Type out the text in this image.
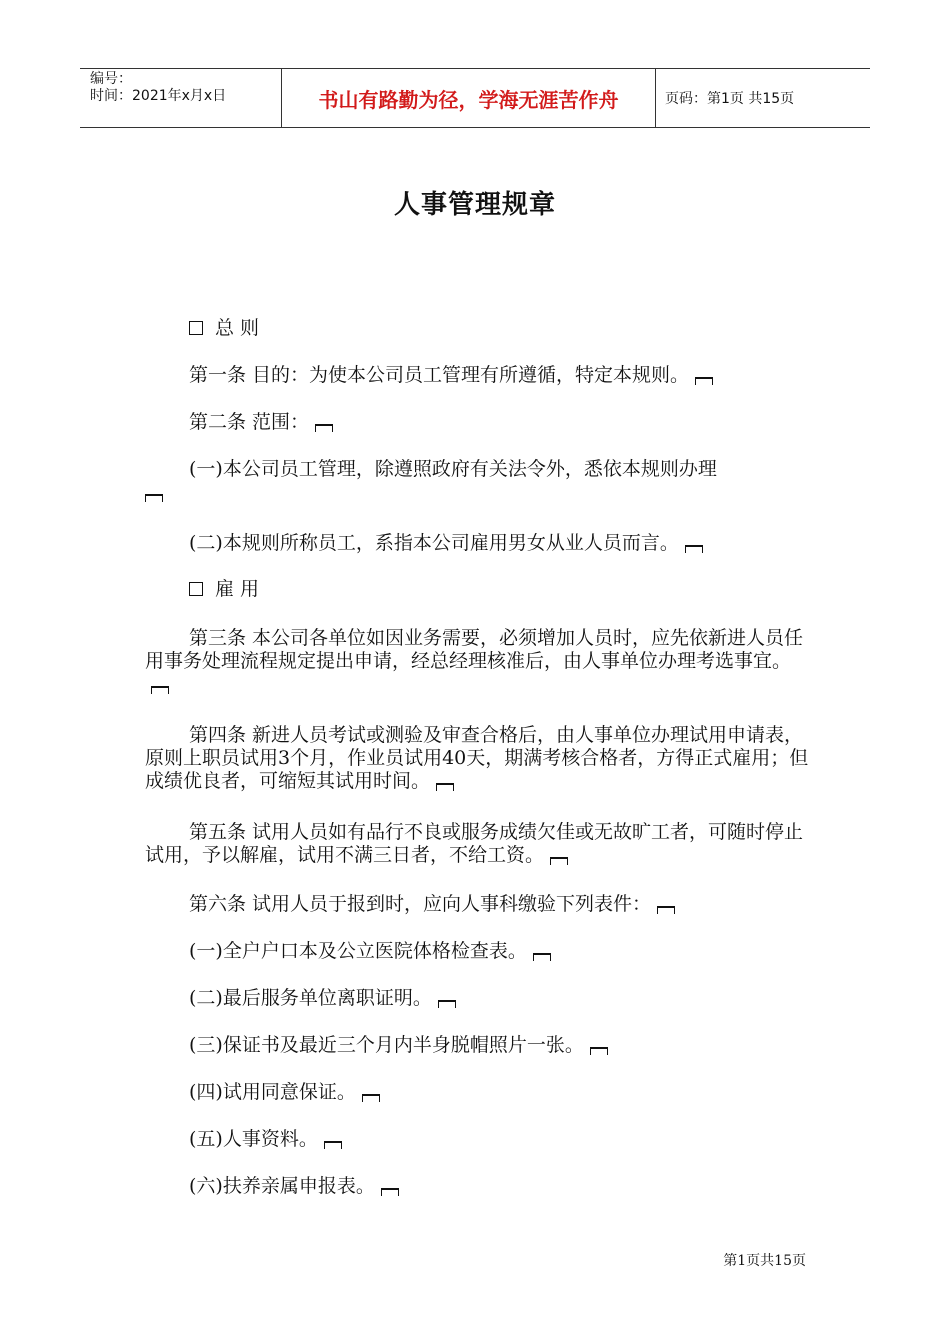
编号：
时间：2021年x月x日	书山有路勤为径，学海无涯苦作舟	页码：第1页 共15页
人事管理规章

总 则

第一条 目的：为使本公司员工管理有所遵循，特定本规则。

第二条 范围：

(一)本公司员工管理，除遵照政府有关法令外，悉依本规则办理

(二)本规则所称员工，系指本公司雇用男女从业人员而言。

雇 用

第三条 本公司各单位如因业务需要，必须增加人员时，应先依新进人员任 用事务处理流程规定提出申请，经总经理核准后，由人事单位办理考选事宜。

第四条 新进人员考试或测验及审查合格后，由人事单位办理试用申请表，原则上职员试用3个月，作业员试用40天，期满考核合格者，方得正式雇用；但成绩优良者，可缩短其试用时间。

第五条 试用人员如有品行不良或服务成绩欠佳或无故旷工者，可随时停止 试用，予以解雇，试用不满三日者，不给工资。

第六条 试用人员于报到时，应向人事科缴验下列表件：

(一)全户户口本及公立医院体格检查表。

(二)最后服务单位离职证明。

(三)保证书及最近三个月内半身脱帽照片一张。

(四)试用同意保证。

(五)人事资料。

(六)扶养亲属申报表。

第1页共15页
